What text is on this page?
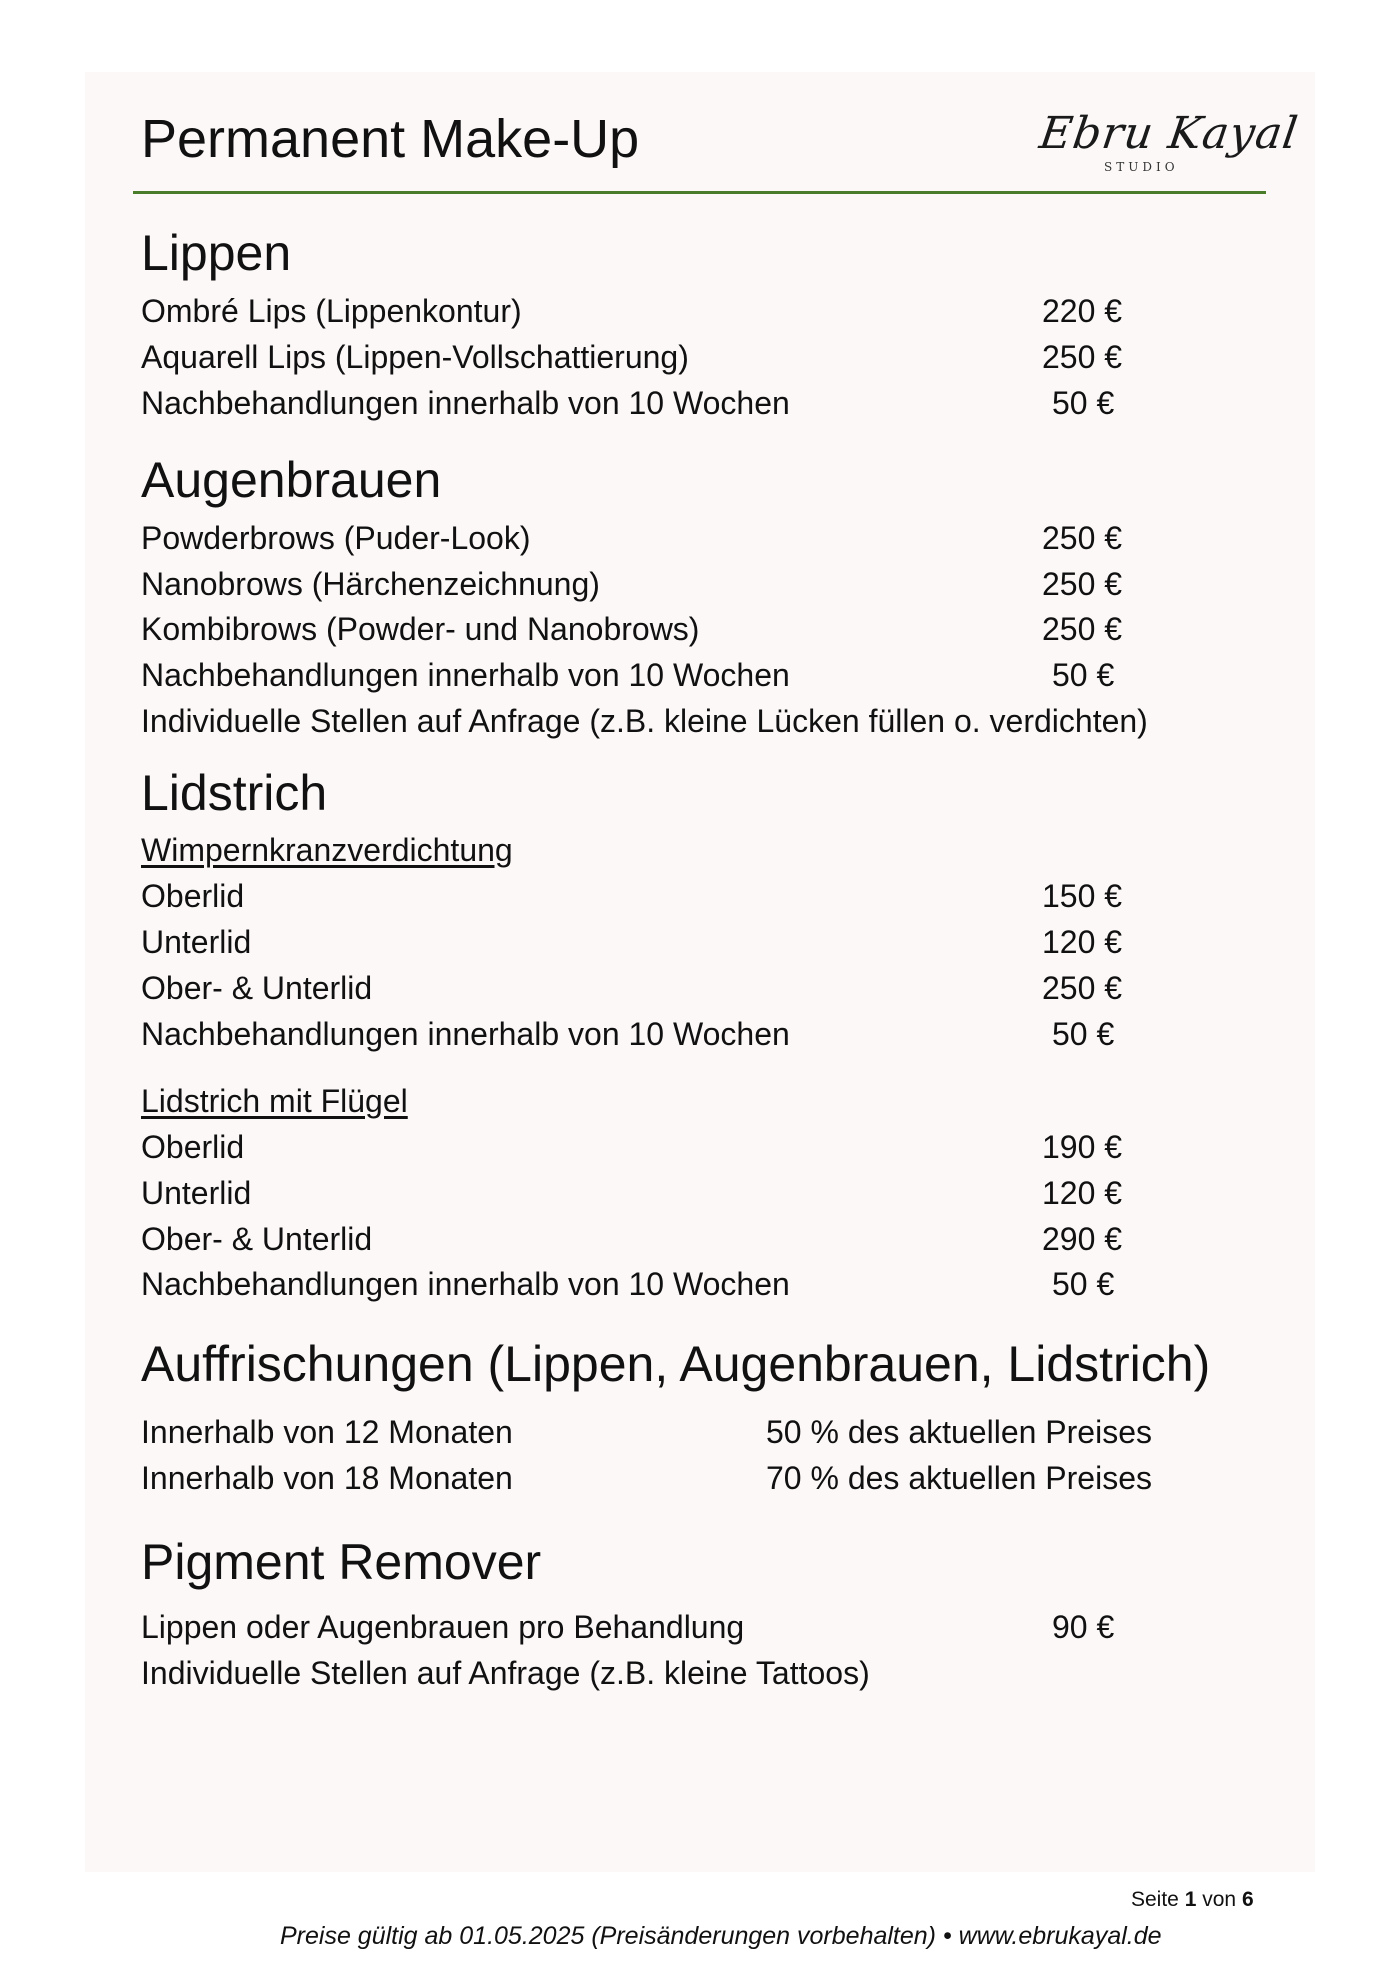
Permanent Make-Up	Ebru Kayal
STUDIO
Lippen
Ombré Lips (Lippenkontur)	220 €
Aquarell Lips (Lippen-Vollschattierung)	250 €
Nachbehandlungen innerhalb von 10 Wochen	50 €
Augenbrauen
Powderbrows (Puder-Look)	250 €
Nanobrows (Härchenzeichnung)	250 €
Kombibrows (Powder- und Nanobrows)	250 €
Nachbehandlungen innerhalb von 10 Wochen	50 €
Individuelle Stellen auf Anfrage (z.B. kleine Lücken füllen o. verdichten)
Lidstrich
Wimpernkranzverdichtung
Oberlid	150 €
Unterlid	120 €
Ober- & Unterlid	250 €
Nachbehandlungen innerhalb von 10 Wochen	50 €
Lidstrich mit Flügel
Oberlid	190 €
Unterlid	120 €
Ober- & Unterlid	290 €
Nachbehandlungen innerhalb von 10 Wochen	50 €
Auffrischungen (Lippen, Augenbrauen, Lidstrich)
Innerhalb von 12 Monaten	50 % des aktuellen Preises
Innerhalb von 18 Monaten	70 % des aktuellen Preises
Pigment Remover
Lippen oder Augenbrauen pro Behandlung	90 €
Individuelle Stellen auf Anfrage (z.B. kleine Tattoos)
Seite 1 von 6
Preise gültig ab 01.05.2025 (Preisänderungen vorbehalten) • www.ebrukayal.de
